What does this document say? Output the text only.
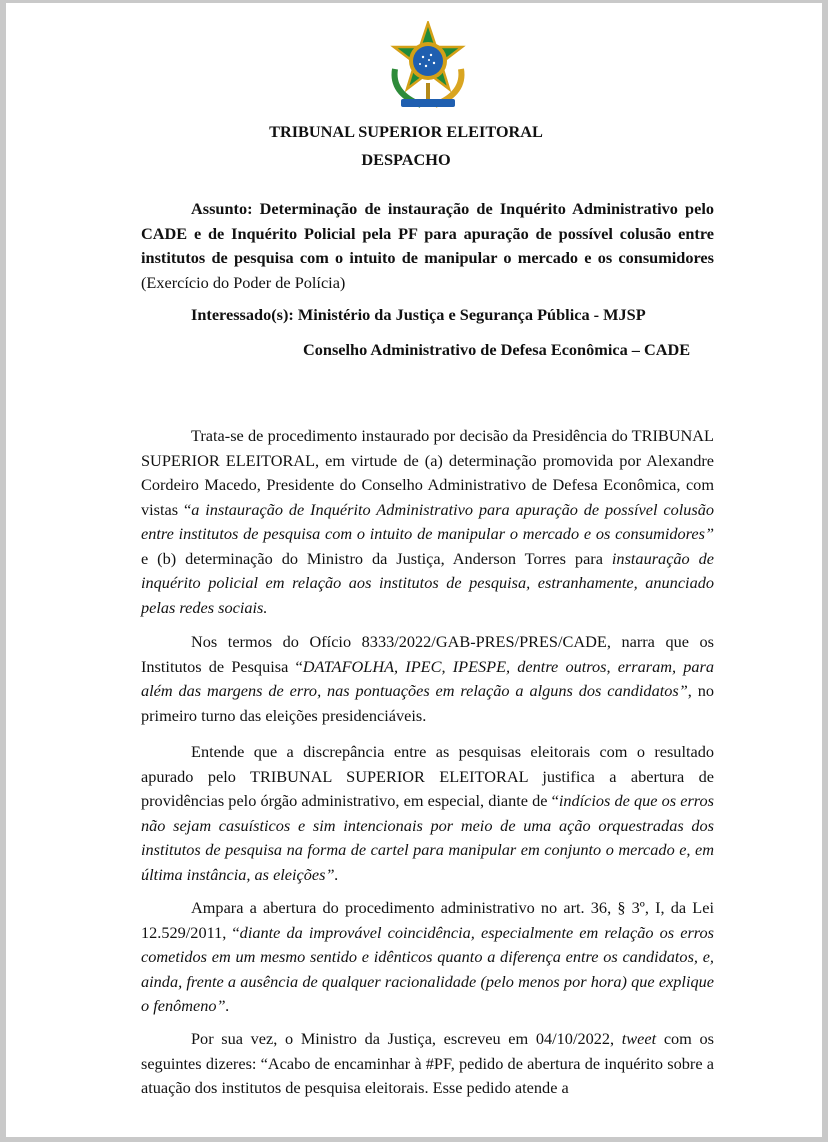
TRIBUNAL SUPERIOR ELEITORAL
DESPACHO
Assunto: Determinação de instauração de Inquérito Administrativo pelo CADE e de Inquérito Policial pela PF para apuração de possível colusão entre institutos de pesquisa com o intuito de manipular o mercado e os consumidores (Exercício do Poder de Polícia)
Interessado(s): Ministério da Justiça e Segurança Pública - MJSP
Conselho Administrativo de Defesa Econômica – CADE
Trata-se de procedimento instaurado por decisão da Presidência do TRIBUNAL SUPERIOR ELEITORAL, em virtude de (a) determinação promovida por Alexandre Cordeiro Macedo, Presidente do Conselho Administrativo de Defesa Econômica, com vistas “a instauração de Inquérito Administrativo para apuração de possível colusão entre institutos de pesquisa com o intuito de manipular o mercado e os consumidores” e (b) determinação do Ministro da Justiça, Anderson Torres para instauração de inquérito policial em relação aos institutos de pesquisa, estranhamente, anunciado pelas redes sociais.
Nos termos do Ofício 8333/2022/GAB-PRES/PRES/CADE, narra que os Institutos de Pesquisa “DATAFOLHA, IPEC, IPESPE, dentre outros, erraram, para além das margens de erro, nas pontuações em relação a alguns dos candidatos”, no primeiro turno das eleições presidenciáveis.
Entende que a discrepância entre as pesquisas eleitorais com o resultado apurado pelo TRIBUNAL SUPERIOR ELEITORAL justifica a abertura de providências pelo órgão administrativo, em especial, diante de “indícios de que os erros não sejam casuísticos e sim intencionais por meio de uma ação orquestradas dos institutos de pesquisa na forma de cartel para manipular em conjunto o mercado e, em última instância, as eleições”.
Ampara a abertura do procedimento administrativo no art. 36, § 3º, I, da Lei 12.529/2011, “diante da improvável coincidência, especialmente em relação os erros cometidos em um mesmo sentido e idênticos quanto a diferença entre os candidatos, e, ainda, frente a ausência de qualquer racionalidade (pelo menos por hora) que explique o fenômeno”.
Por sua vez, o Ministro da Justiça, escreveu em 04/10/2022, tweet com os seguintes dizeres: “Acabo de encaminhar à #PF, pedido de abertura de inquérito sobre a atuação dos institutos de pesquisa eleitorais. Esse pedido atende a
